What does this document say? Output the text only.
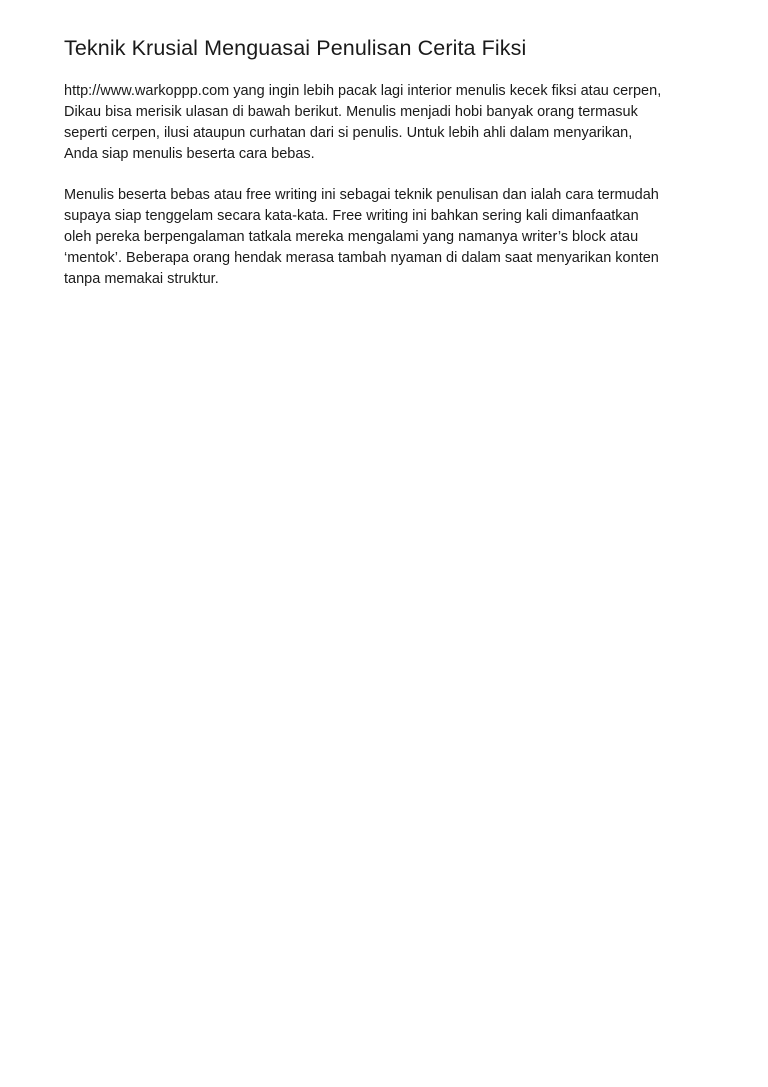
Teknik Krusial Menguasai Penulisan Cerita Fiksi

http://www.warkoppp.com yang ingin lebih pacak lagi interior menulis kecek fiksi atau cerpen,
Dikau bisa merisik ulasan di bawah berikut. Menulis menjadi hobi banyak orang termasuk
seperti cerpen, ilusi ataupun curhatan dari si penulis. Untuk lebih ahli dalam menyarikan,
Anda siap menulis beserta cara bebas.

Menulis beserta bebas atau free writing ini sebagai teknik penulisan dan ialah cara termudah
supaya siap tenggelam secara kata-kata. Free writing ini bahkan sering kali dimanfaatkan
oleh pereka berpengalaman tatkala mereka mengalami yang namanya writer’s block atau
‘mentok’. Beberapa orang hendak merasa tambah nyaman di dalam saat menyarikan konten
tanpa memakai struktur.
